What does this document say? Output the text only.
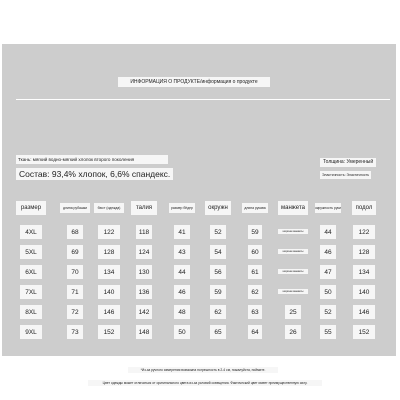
ИНФОРМАЦИЯ О ПРОДУКТЕ/информация о продукте
Ткань: мягкий водно-мягкий хлопок второго поколения
Состав: 93,4% хлопок, 6,6% спандекс.
Толщина: Умеренный
Эластичность: Эластичность
размер	длина рубашки	бюст (одежда)	талия	размер бёдер	окружн	длина рукава	манжета	окружность руки	подол
4XL	68	122	118	41	52	59	ширина манжеты	44	122
5XL	69	128	124	43	54	60	ширина манжеты	46	128
6XL	70	134	130	44	56	61	ширина манжеты	47	134
7XL	71	140	136	46	59	62	ширина манжеты	50	140
8XL	72	146	142	48	62	63	25	52	146
9XL	73	152	148	50	65	64	26	55	152
*Из-за ручного измерения возможна погрешность в 2-4 см, пожалуйста, поймите.
Цвет одежды может отличаться от оригинального цвета из-за условий освещения. Фактический цвет имеет преимущественную силу.
